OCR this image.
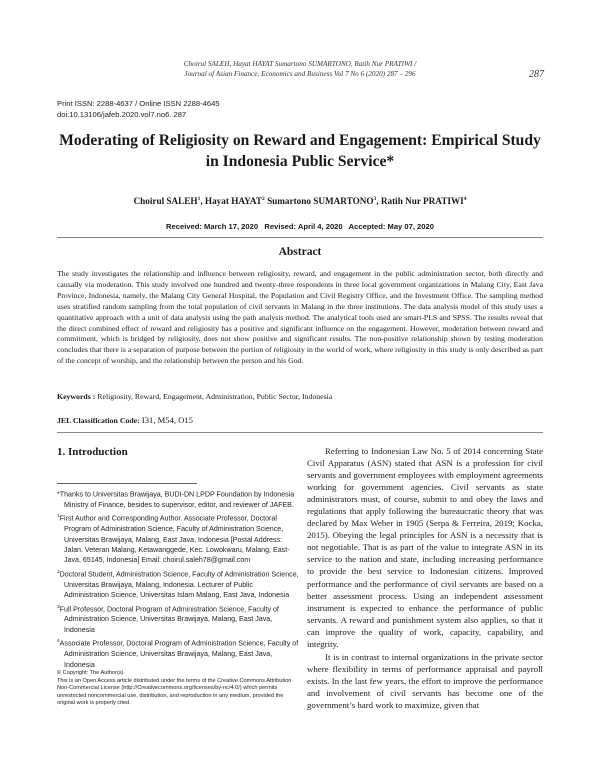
Choirul SALEH, Hayat HAYAT Sumartono SUMARTONO, Ratih Nur PRATIWI /
Journal of Asian Finance, Economics and Business Vol 7 No 6 (2020) 287 – 296	287
Print ISSN: 2288-4637 / Online ISSN 2288-4645
doi:10.13106/jafeb.2020.vol7.no6. 287
Moderating of Religiosity on Reward and Engagement: Empirical Study in Indonesia Public Service*
Choirul SALEH$^1$, Hayat HAYAT$^2$ Sumartono SUMARTONO$^3$, Ratih Nur PRATIWI$^4$
Received: March 17, 2020   Revised: April 4, 2020   Accepted: May 07, 2020
Abstract
The study investigates the relationship and influence between religiosity, reward, and engagement in the public administration sector, both directly and causally via moderation. This study involved one hundred and twenty-three respondents in three local government organizations in Malang City, East Java Province, Indonesia, namely, the Malang City General Hospital, the Population and Civil Registry Office, and the Investment Office. The sampling method uses stratified random sampling from the total population of civil servants in Malang in the three institutions. The data analysis model of this study uses a quantitative approach with a unit of data analysis using the path analysis method. The analytical tools used are smart-PLS and SPSS. The results reveal that the direct combined effect of reward and religiosity has a positive and significant influence on the engagement. However, moderation between reward and commitment, which is bridged by religiosity, does not show positive and significant results. The non-positive relationship shown by testing moderation concludes that there is a separation of purpose between the portion of religiosity in the world of work, where religiosity in this study is only described as part of the concept of worship, and the relationship between the person and his God.
Keywords : Religiosity, Reward, Engagement, Administration, Public Sector, Indonesia
JEL Classification Code: I31, M54, O15
1. Introduction

*Thanks to Universitas Brawijaya, BUDI-DN LPDP Foundation by Indonesia Ministry of Finance, besides to supervisor, editor, and reviewer of JAFEB.

$^1$First Author and Corresponding Author. Associate Professor, Doctoral Program of Administration Science, Faculty of Administration Science, Universitas Brawijaya, Malang, East Java, Indonesia [Postal Address: Jalan. Veteran Malang, Ketawanggede, Kec. Lowokwaru, Malang, East-Java, 65145, Indonesia] Email: choirul.saleh78@gmail.com

$^2$Doctoral Student, Administration Science, Faculty of Administration Science, Universitas Brawijaya, Malang, Indonesia. Lecturer of Public Administration Science, Universitas Islam Malang, East Java, Indonesia

$^3$Full Professor, Doctoral Program of Administration Science, Faculty of Administration Science, Universitas Brawijaya, Malang, East Java, Indonesia

$^4$Associate Professor, Doctoral Program of Administration Science, Faculty of Administration Science, Universitas Brawijaya, Malang, East Java, Indonesia

© Copyright: The Author(s)

This is an Open Access article distributed under the terms of the Creative Commons Attribution Non-Commercial License (http://Creativecommons.org/licenses/by-nc/4.0/) which permits unrestricted noncommercial use, distribution, and reproduction in any medium, provided the original work is properly cited.

Referring to Indonesian Law No. 5 of 2014 concerning State Civil Apparatus (ASN) stated that ASN is a profession for civil servants and government employees with employment agreements working for government agencies. Civil servants as state administrators must, of course, submit to and obey the laws and regulations that apply following the bureaucratic theory that was declared by Max Weber in 1905 (Serpa & Ferreira, 2019; Kocka, 2015). Obeying the legal principles for ASN is a necessity that is not negotiable. That is as part of the value to integrate ASN in its service to the nation and state, including increasing performance to provide the best service to Indonesian citizens. Improved performance and the performance of civil servants are based on a better assessment process. Using an independent assessment instrument is expected to enhance the performance of public servants. A reward and punishment system also applies, so that it can improve the quality of work, capacity, capability, and integrity.

It is in contrast to internal organizations in the private sector where flexibility in terms of performance appraisal and payroll exists. In the last few years, the effort to improve the performance and involvement of civil servants has become one of the government’s hard work to maximize, given that
